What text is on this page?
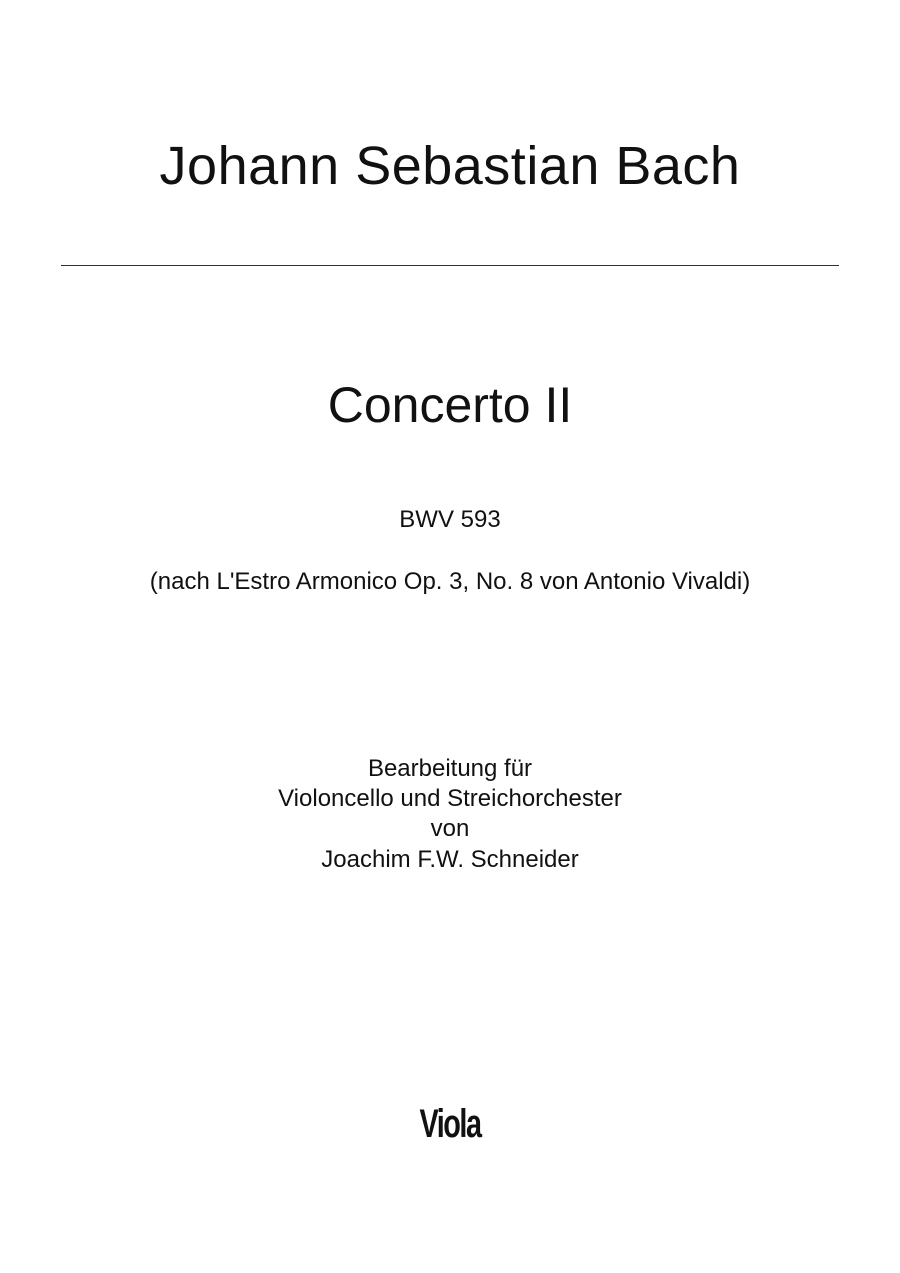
Johann Sebastian Bach
Concerto II
BWV 593
(nach L'Estro Armonico Op. 3, No. 8 von Antonio Vivaldi)
Bearbeitung für
Violoncello und Streichorchester
von
Joachim F.W. Schneider
Viola
